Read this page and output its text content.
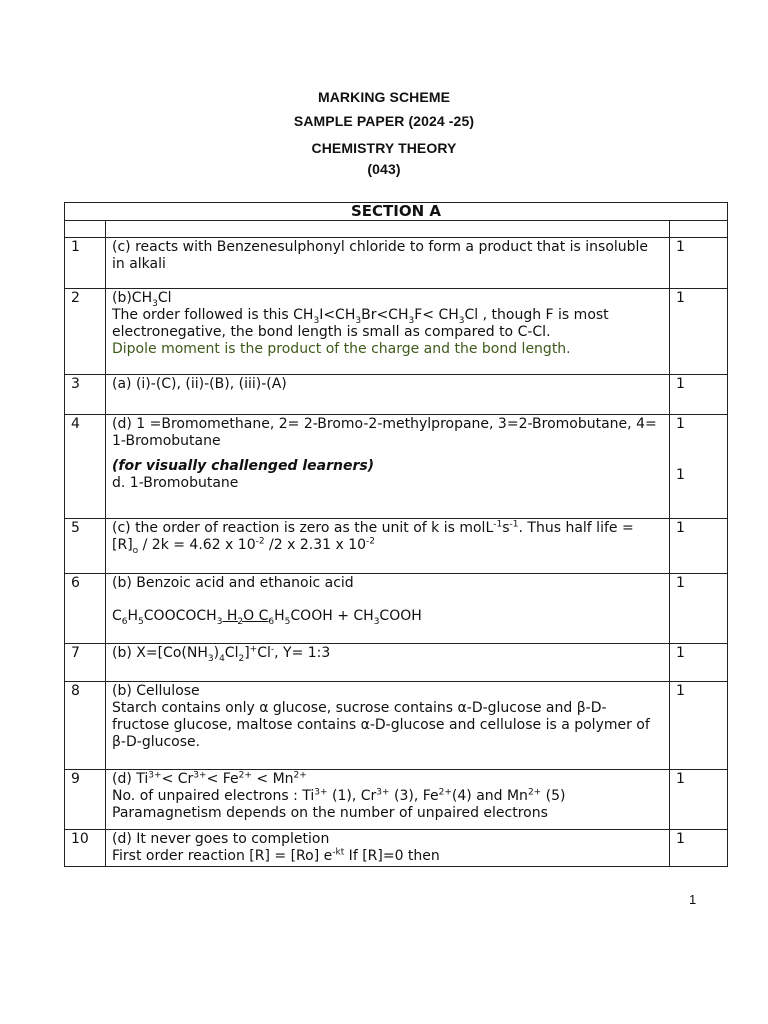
MARKING SCHEME
SAMPLE PAPER (2024 -25)
CHEMISTRY THEORY
(043)
SECTION A		

1	(c) reacts with Benzenesulphonyl chloride to form a product that is insoluble in alkali	1
2	$(b)CH_3Cl$
The order followed is this $CH_3I<CH_3Br<CH_3F< CH_3Cl$ , though F is most electronegative, the bond length is small as compared to C-Cl.
Dipole moment is the product of the charge and the bond length.	1
3	(a) (i)-(C), (ii)-(B), (iii)-(A)	1
4	(d) 1 =Bromomethane, 2= 2-Bromo-2-methylpropane, 3=2-Bromobutane, 4= 1-Bromobutane

(for visually challenged learners)
d. 1-Bromobutane	1

1
5	(c) the order of reaction is zero as the unit of k is $molL^{-1}s^{-1}$. Thus half life = $[R]_o / 2k = 4.62$ x $10^{-2}$ /2 x 2.31 x $10^{-2}$	1
6	(b) Benzoic acid and ethanoic acid
$C_6H_5COOCOCH_3$ $H_2O$ $C_6H_5COOH$ + $CH_3COOH$	1
7	(b) $X=[Co(NH_3)_4Cl_2]^+Cl^-$, Y= 1:3	1
8	(b) Cellulose
Starch contains only α glucose, sucrose contains α-D-glucose and β-D-fructose glucose, maltose contains α-D-glucose and cellulose is a polymer of β-D-glucose.	1
9	(d) $Ti^{3+}< Cr^{3+}< Fe^{2+} < Mn^{2+}$
No. of unpaired electrons : $Ti^{3+}$ (1), $Cr^{3+}$ (3), $Fe^{2+}(4)$ and $Mn^{2+}$ (5)
Paramagnetism depends on the number of unpaired electrons	1
10	(d) It never goes to completion
First order reaction [R] = [Ro] $e^{-kt}$ If [R]=0 then	1
1
